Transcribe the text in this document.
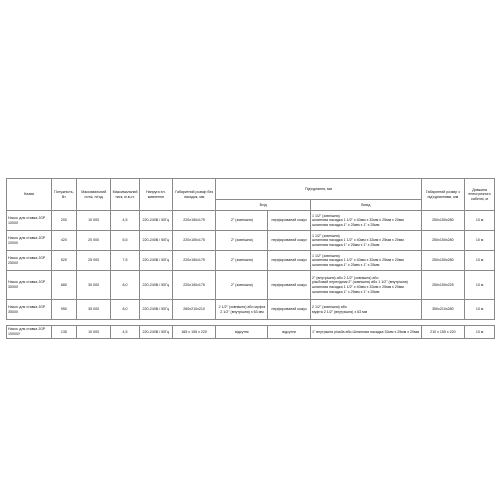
Назва	Потужність, Вт	Максимальний потік, л/год	Максимальний тиск, м.в.ст.	Напруга ел. живлення	Габаритний розмір без насадок, мм	Під'єднання, мм			Габаритний розмір з під'єднаннями, мм	Довжина електричного кабелю, м
						Вхід		Вихід		
Насос для ставка JGP 10000	200	10 000	4,5	220-240В / 50Гц	220х150х175	2" (зовнішня)	перфорований кожух	1 1/2" (зовнішня)
шлангова насадка 1 1/2" х 40мм х 32мм х 25мм х 20мм
шлангова насадка 1" х 25мм х 1" х 25мм	250х150х280	10 м
Насос для ставка JGP 20000	420	20 000	6,5	220-240В / 50Гц	220х150х175	2" (зовнішня)	перфорований кожух	1 1/2" (зовнішня)
шлангова насадка 1 1/2" х 40мм х 32мм х 25мм х 20мм
шлангова насадка 1" х 25мм х 1" х 25мм	250х150х280	10 м
Насос для ставка JGP 25000	520	25 000	7,5	220-240В / 50Гц	220х150х175	2" (зовнішня)	перфорований кожух	1 1/2" (зовнішня)
шлангова насадка 1 1/2" х 40мм х 32мм х 25мм х 20мм
шлангова насадка 1" х 25мм х 1" х 25мм	250х150х280	10 м
Насос для ставка JGP 30000	680	30 000	8,0	220-240В / 50Гц	220х150х175	2" (зовнішня)	перфорований кожух	2" (внутрішня) або 2 1/2" (зовнішня) або
різьбовий перехідник 2" (зовнішня) або 1 1/2" (внутрішня)
шлангова насадка 1 1/2" х 40мм х 32мм х 25мм х 20мм
шлангова насадка 1" х 25мм х 1" х 25мм	250х150х225	10 м
Насос для ставка JGP 35000	950	35 000	8,0	220-240В / 50Гц	260х210х210	2 1/2" (зовнішня) або муфта 2 1/2" (внутрішня) х 63 мм	перфорований кожух	2 1/2" (зовнішня) або
муфта 2 1/2" (внутрішня) х 63 мм	350х210х280	10 м

Насос для ставка JGP 10000У	135	10 000	4,5	220-240В / 50Гц	165 х 155 х 220	відсутнє	відсутнє	1" внутрішня різьба або Шлангова насадка 32мм х 25мм х 20мм	210 х 155 х 220	10 м
